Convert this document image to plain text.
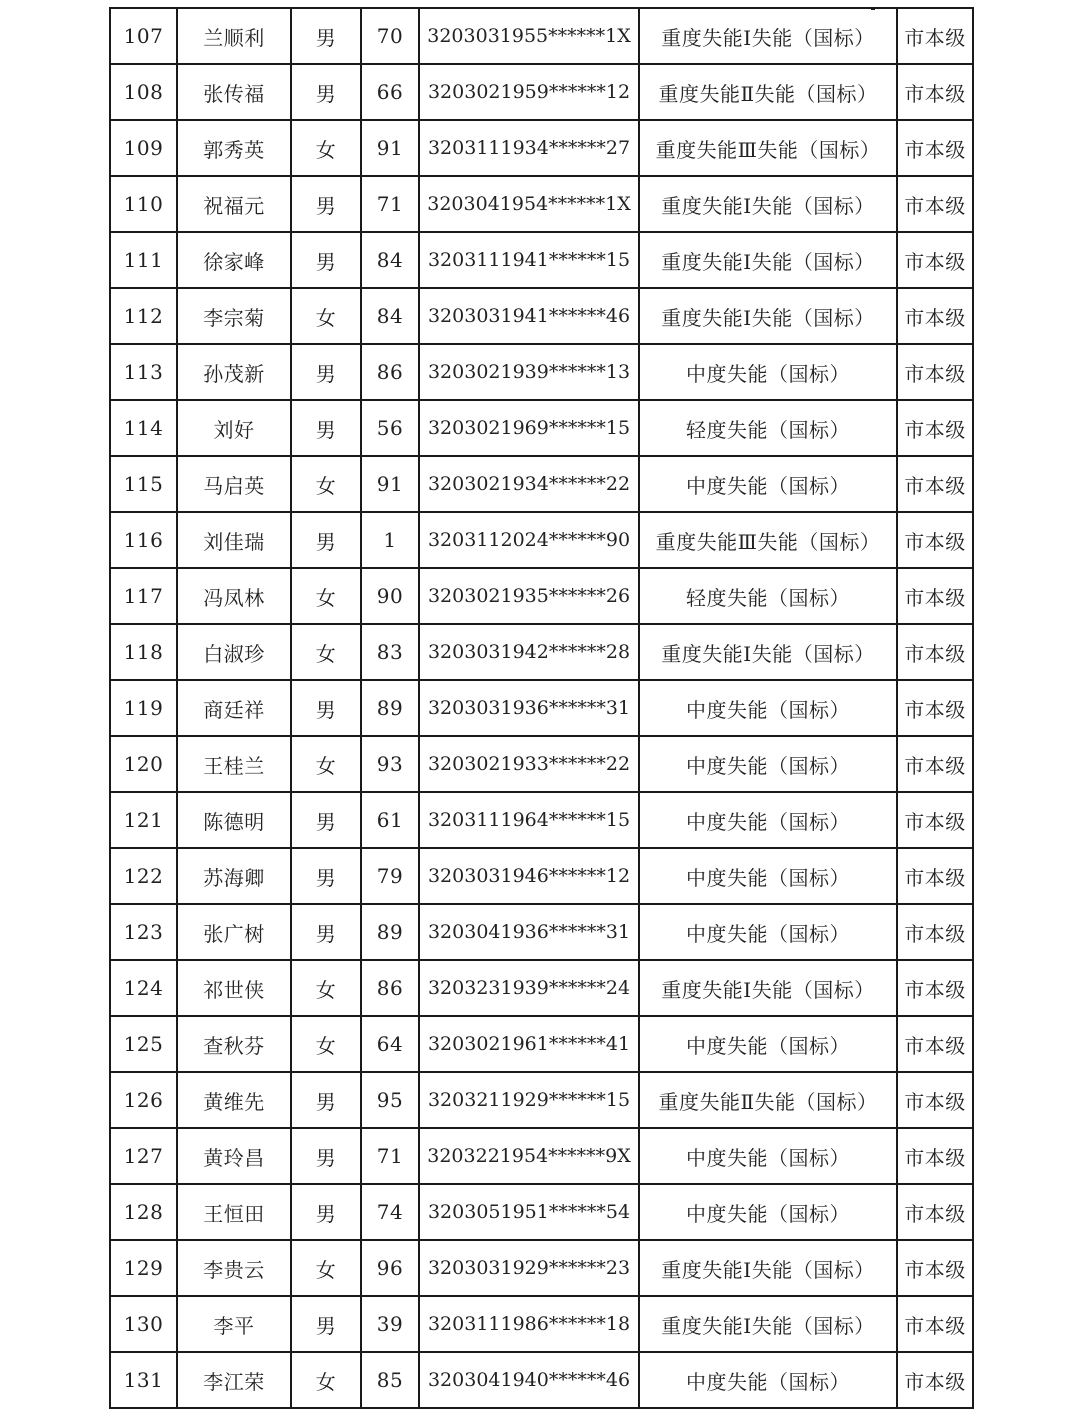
107	兰顺利	男	70	3203031955******1X	重度失能Ⅰ失能（国标）	市本级
108	张传福	男	66	3203021959******12	重度失能Ⅱ失能（国标）	市本级
109	郭秀英	女	91	3203111934******27	重度失能Ⅲ失能（国标）	市本级
110	祝福元	男	71	3203041954******1X	重度失能Ⅰ失能（国标）	市本级
111	徐家峰	男	84	3203111941******15	重度失能Ⅰ失能（国标）	市本级
112	李宗菊	女	84	3203031941******46	重度失能Ⅰ失能（国标）	市本级
113	孙茂新	男	86	3203021939******13	中度失能（国标）	市本级
114	刘好	男	56	3203021969******15	轻度失能（国标）	市本级
115	马启英	女	91	3203021934******22	中度失能（国标）	市本级
116	刘佳瑞	男	1	3203112024******90	重度失能Ⅲ失能（国标）	市本级
117	冯凤林	女	90	3203021935******26	轻度失能（国标）	市本级
118	白淑珍	女	83	3203031942******28	重度失能Ⅰ失能（国标）	市本级
119	商廷祥	男	89	3203031936******31	中度失能（国标）	市本级
120	王桂兰	女	93	3203021933******22	中度失能（国标）	市本级
121	陈德明	男	61	3203111964******15	中度失能（国标）	市本级
122	苏海卿	男	79	3203031946******12	中度失能（国标）	市本级
123	张广树	男	89	3203041936******31	中度失能（国标）	市本级
124	祁世侠	女	86	3203231939******24	重度失能Ⅰ失能（国标）	市本级
125	查秋芬	女	64	3203021961******41	中度失能（国标）	市本级
126	黄维先	男	95	3203211929******15	重度失能Ⅱ失能（国标）	市本级
127	黄玲昌	男	71	3203221954******9X	中度失能（国标）	市本级
128	王恒田	男	74	3203051951******54	中度失能（国标）	市本级
129	李贵云	女	96	3203031929******23	重度失能Ⅰ失能（国标）	市本级
130	李平	男	39	3203111986******18	重度失能Ⅰ失能（国标）	市本级
131	李江荣	女	85	3203041940******46	中度失能（国标）	市本级
